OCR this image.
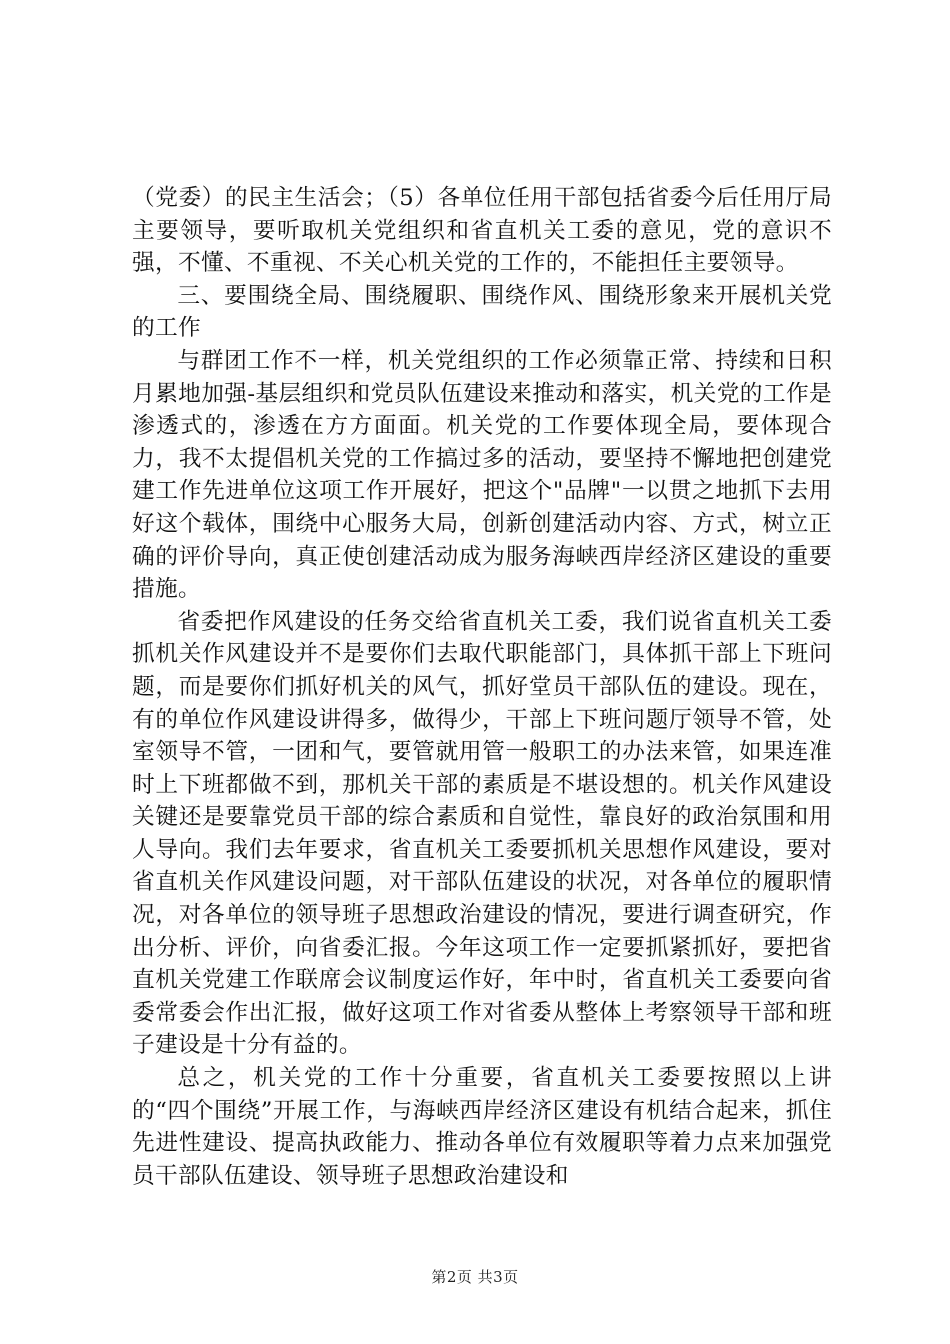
（党委）的民主生活会；（5）各单位任用干部包括省委今后任用厅局主要领导，要听取机关党组织和省直机关工委的意见，党的意识不强，不懂、不重视、不关心机关党的工作的，不能担任主要领导。

三、要围绕全局、围绕履职、围绕作风、围绕形象来开展机关党的工作

与群团工作不一样，机关党组织的工作必须靠正常、持续和日积月累地加强-基层组织和党员队伍建设来推动和落实，机关党的工作是渗透式的，渗透在方方面面。机关党的工作要体现全局，要体现合力，我不太提倡机关党的工作搞过多的活动，要坚持不懈地把创建党建工作先进单位这项工作开展好，把这个"品牌"一以贯之地抓下去用好这个载体，围绕中心服务大局，创新创建活动内容、方式，树立正确的评价导向，真正使创建活动成为服务海峡西岸经济区建设的重要措施。

省委把作风建设的任务交给省直机关工委，我们说省直机关工委抓机关作风建设并不是要你们去取代职能部门，具体抓干部上下班问题，而是要你们抓好机关的风气，抓好堂员干部队伍的建设。现在，有的单位作风建设讲得多，做得少，干部上下班问题厅领导不管，处室领导不管，一团和气，要管就用管一般职工的办法来管，如果连准时上下班都做不到，那机关干部的素质是不堪设想的。机关作风建设关键还是要靠党员干部的综合素质和自觉性，靠良好的政治氛围和用人导向。我们去年要求，省直机关工委要抓机关思想作风建设，要对省直机关作风建设问题，对干部队伍建设的状况，对各单位的履职情况，对各单位的领导班子思想政治建设的情况，要进行调查研究，作出分析、评价，向省委汇报。今年这项工作一定要抓紧抓好，要把省直机关党建工作联席会议制度运作好，年中时，省直机关工委要向省委常委会作出汇报，做好这项工作对省委从整体上考察领导干部和班子建设是十分有益的。

总之，机关党的工作十分重要，省直机关工委要按照以上讲的“四个围绕”开展工作，与海峡西岸经济区建设有机结合起来，抓住先进性建设、提高执政能力、推动各单位有效履职等着力点来加强党员干部队伍建设、领导班子思想政治建设和

第2页 共3页
